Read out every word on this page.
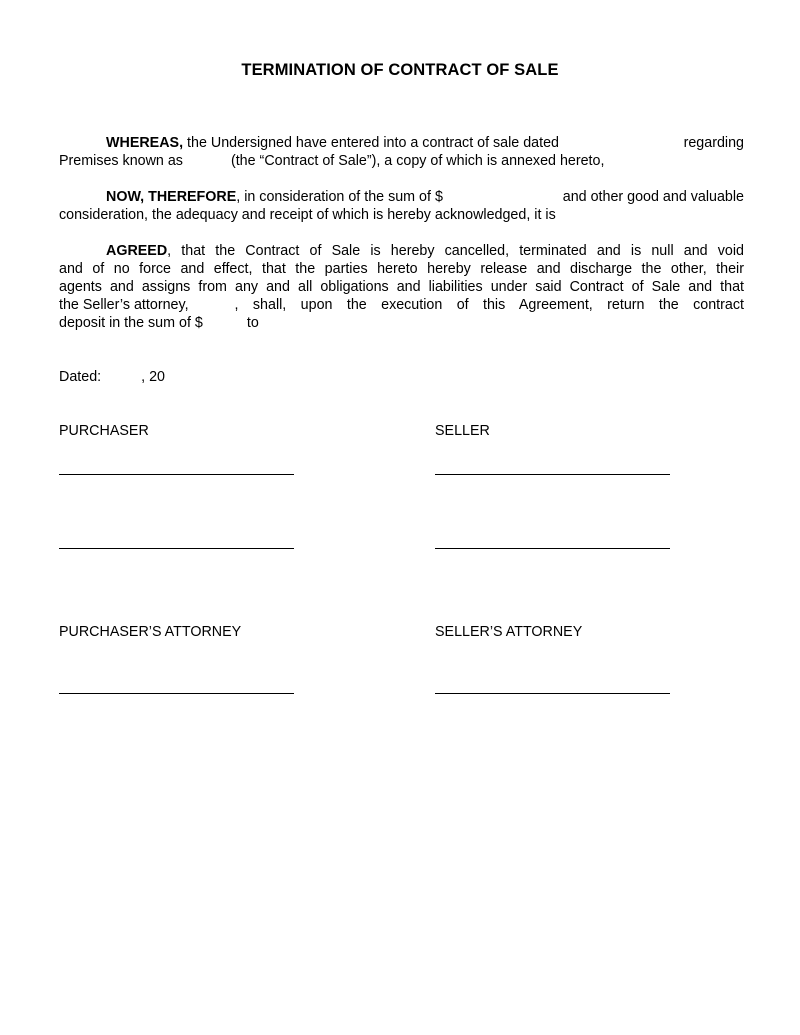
TERMINATION OF CONTRACT OF SALE
WHEREAS, the Undersigned have entered into a contract of sale dated	regarding
Premises known as	(the “Contract of Sale”), a copy of which is annexed hereto,
NOW, THEREFORE, in consideration of the sum of $	and other good and valuable
consideration, the adequacy and receipt of which is hereby acknowledged, it is
AGREED , that the Contract of Sale is hereby cancelled, terminated and is null and void
and of no force and effect, that the parties hereto hereby release and discharge the other, their
agents and assigns from any and all obligations and liabilities under said Contract of Sale and that
the Seller’s attorney,	, shall, upon the execution of this Agreement, return the contract
deposit in the sum of $	to
Dated:	, 20
PURCHASER	SELLER
PURCHASER’S ATTORNEY	SELLER’S ATTORNEY
